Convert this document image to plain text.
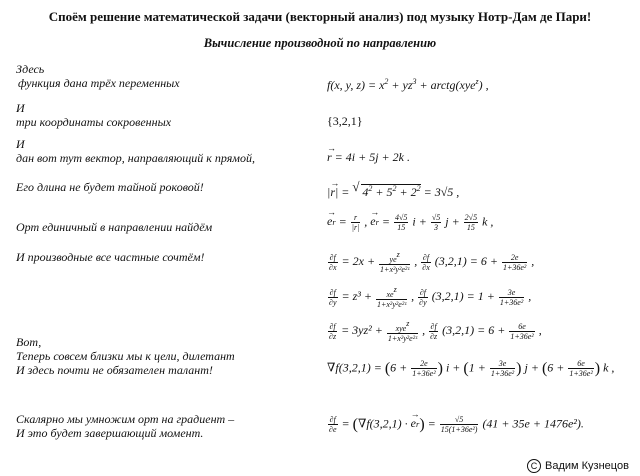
Споём решение математической задачи (векторный анализ) под музыку Нотр-Дам де Пари!
Вычисление производной по направлению
Здесь
функция дана трёх переменных
И
три координаты сокровенных
И
дан вот тут вектор, направляющий к прямой,
Его длина не будет тайной роковой!
Орт единичный в направлении найдём
И производные все частные сочтём!
Вот,
Теперь совсем близки мы к цели, дилетант
И здесь почти не обязателен талант!
Скалярно мы умножим орт на градиент –
И это будет завершающий момент.
f(x, y, $z) = x^2 + yz^3$ + arctg(xye$^z$) ,
{3,2,1}
→ r = 4i + 5j + 2k .
|→ r| = √ $4^2 + 5^2 + 2^2 = 3√5$ ,
→ er = $\frac{r}{|r|}$ , → er = $\frac{4√5}{15}$ $i + \frac{√5}{3}$ $j + \frac{2√5}{15}$ k ,
$\frac{\partial f}{\partial x} = 2x + \frac{\text{yez}}{\text{1+x²y²e²ᶻ}}$ , $\frac{\partial f}{\partial x} (3,2,1) = 6 + \frac{2e}{\text{1+36e²}}$ ,
$\frac{\partial f}{\partial y} = z^3 + \frac{\text{xez}}{\text{1+x²y²e²ᶻ}}$ , $\frac{\partial f}{\partial y} (3,2,1) = 1 + \frac{3e}{\text{1+36e²}}$ ,
$\frac{\partial f}{\partial z} = 3yz^2 + \frac{\text{xyez}}{\text{1+x²y²e²ᶻ}}$ , $\frac{\partial f}{\partial z} (3,2,1) = 6 + \frac{6e}{\text{1+36e²}}$ ,
$\nabla f(3,2,1) = (6 + \frac{2e}{\text{1+36e²}}$ ) $i + (1 + \frac{3e}{\text{1+36e²}}$ ) $j + (6 + \frac{6e}{\text{1+36e²}}$ ) k ,
$\frac{\partial f}{\partial e} = (\nabla f(3,2,1)$ · → $er) = \frac{√5}{\text{15(1+36e²)}} (41 + 35e + 1476e^2)$.
C Вадим Кузнецов
